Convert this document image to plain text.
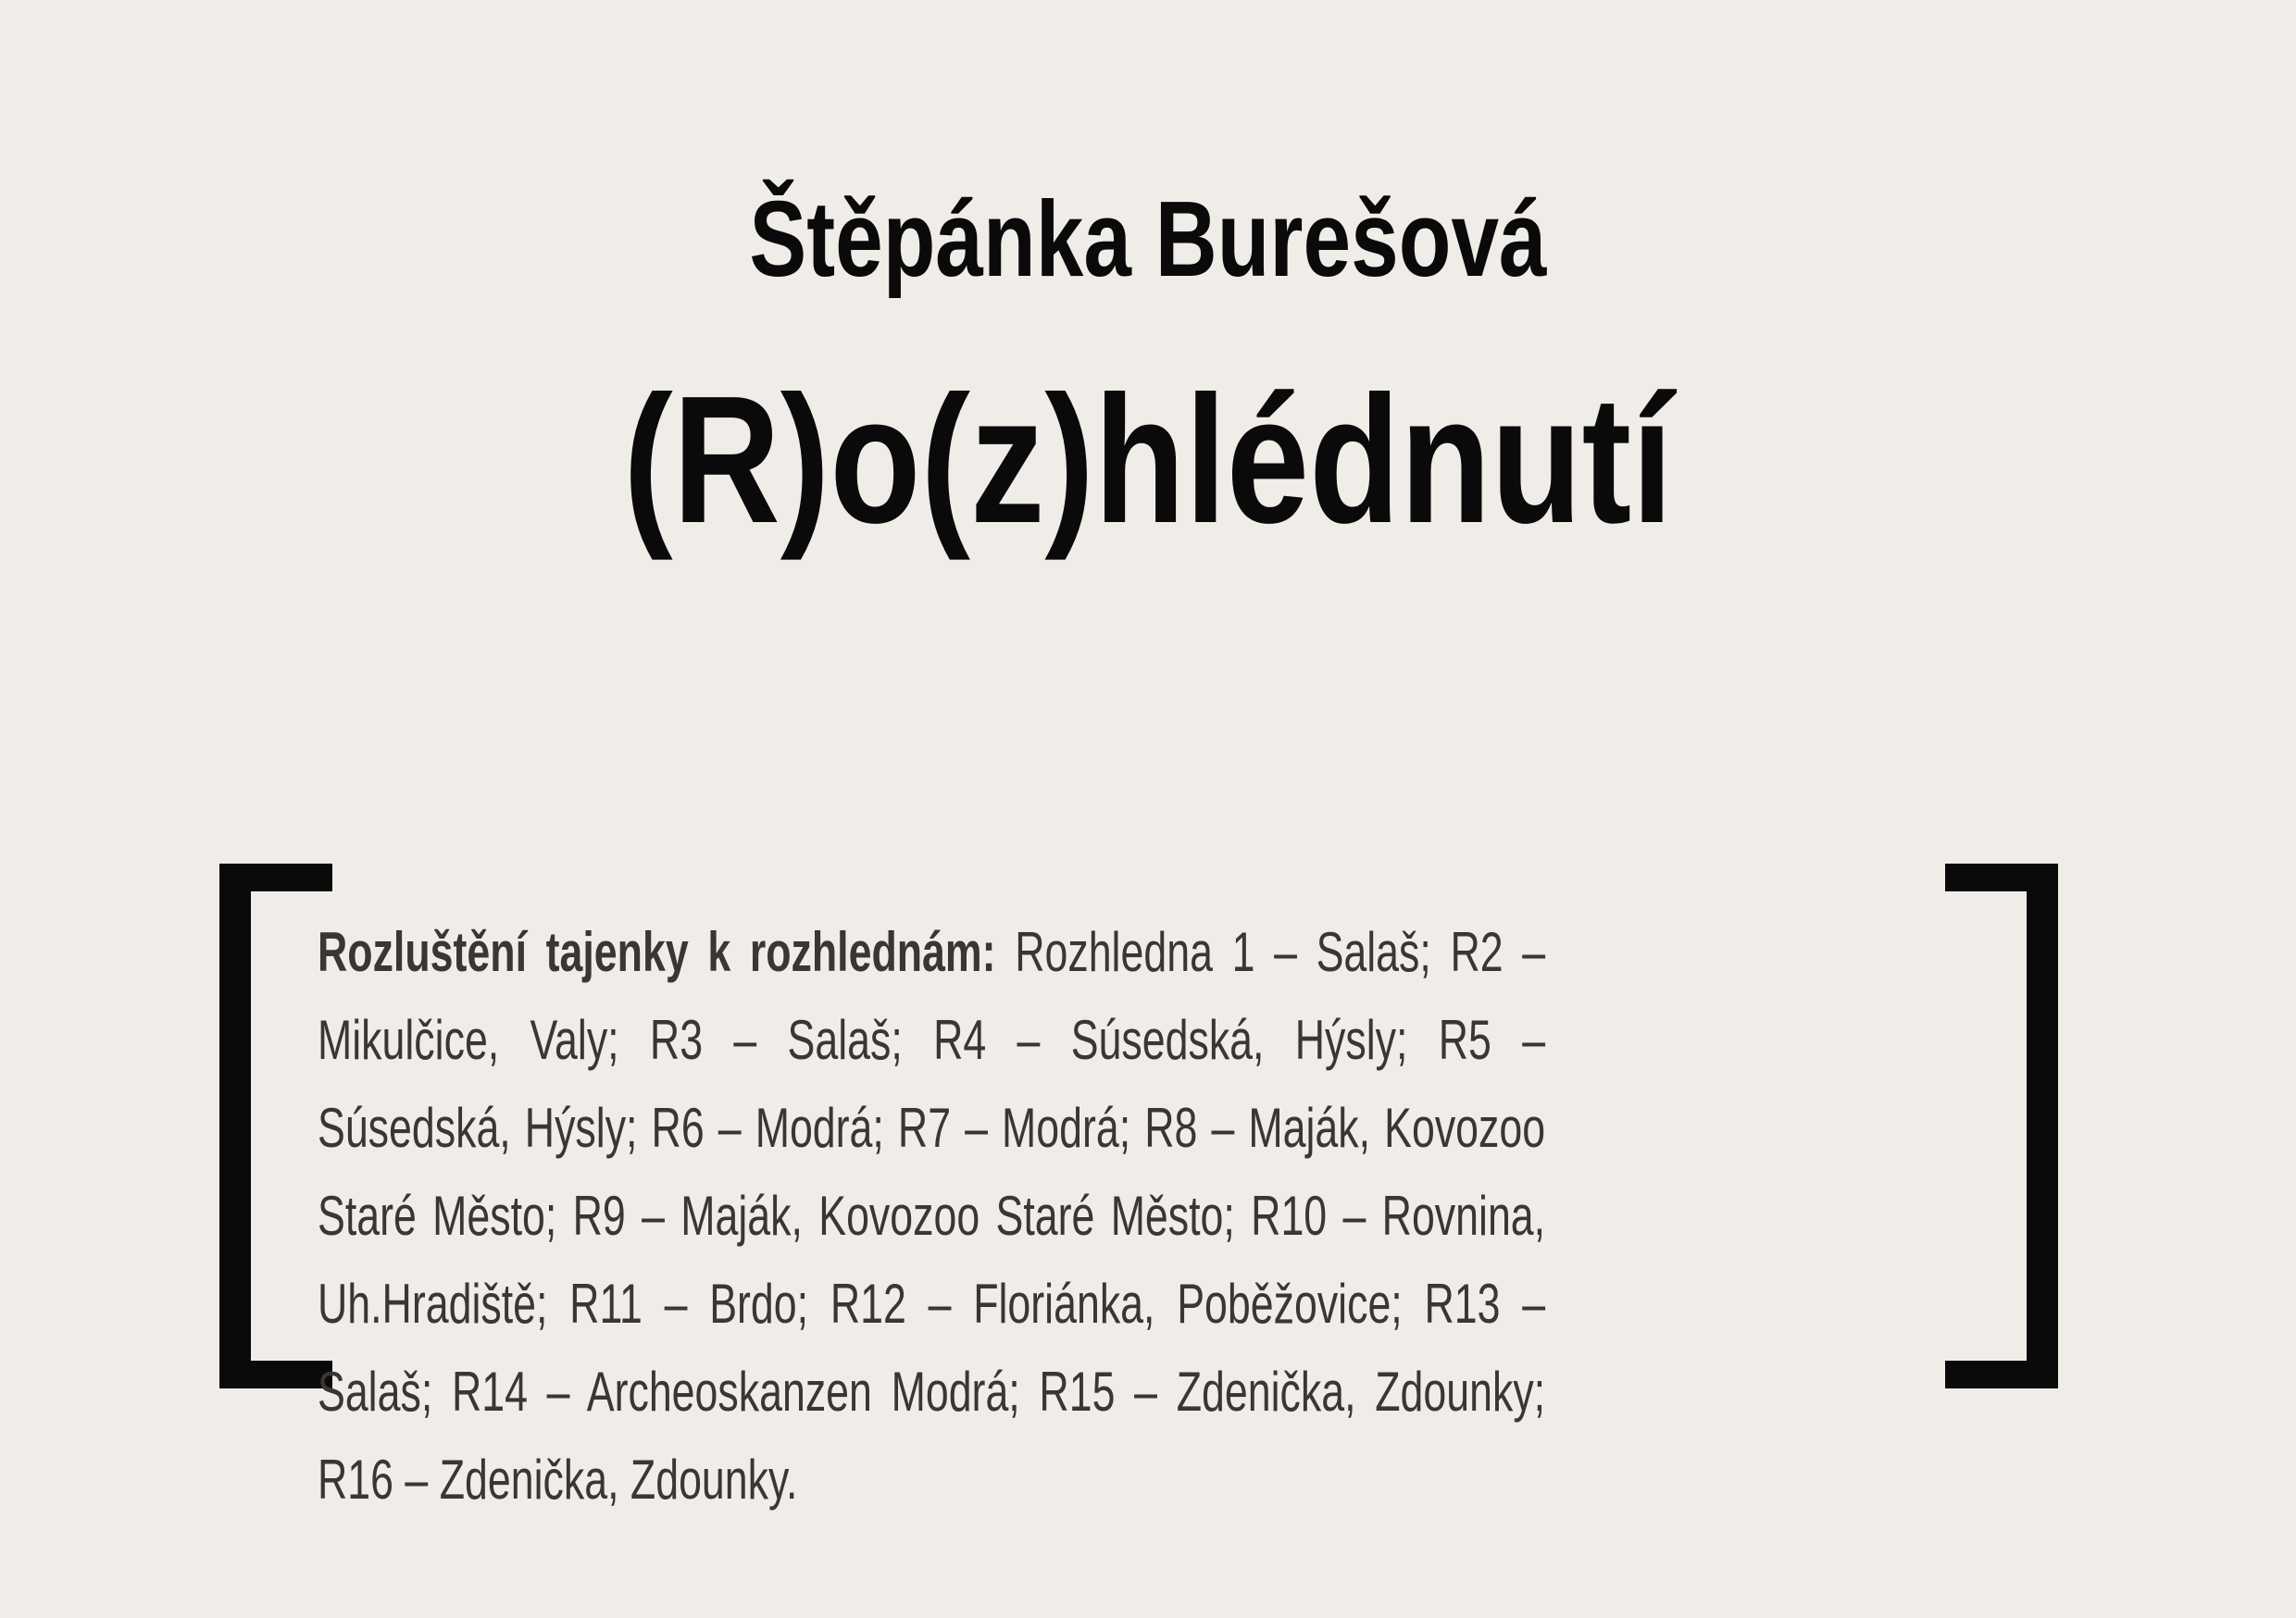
Štěpánka Burešová
(R)o(z)hlédnutí

Rozluštění tajenky k rozhlednám: Rozhledna 1 – Salaš; R2 – Mikulčice, Valy; R3 – Salaš; R4 – Súsedská, Hýsly; R5 – Súsedská, Hýsly; R6 – Modrá; R7 – Modrá; R8 – Maják, Kovozoo Staré Město; R9 – Maják, Kovozoo Staré Město; R10 – Rovnina, Uh.Hradiště; R11 – Brdo; R12 – Floriánka, Poběžovice; R13 – Salaš; R14 – Archeoskanzen Modrá; R15 – Zdenička, Zdounky; R16 – Zdenička, Zdounky.
